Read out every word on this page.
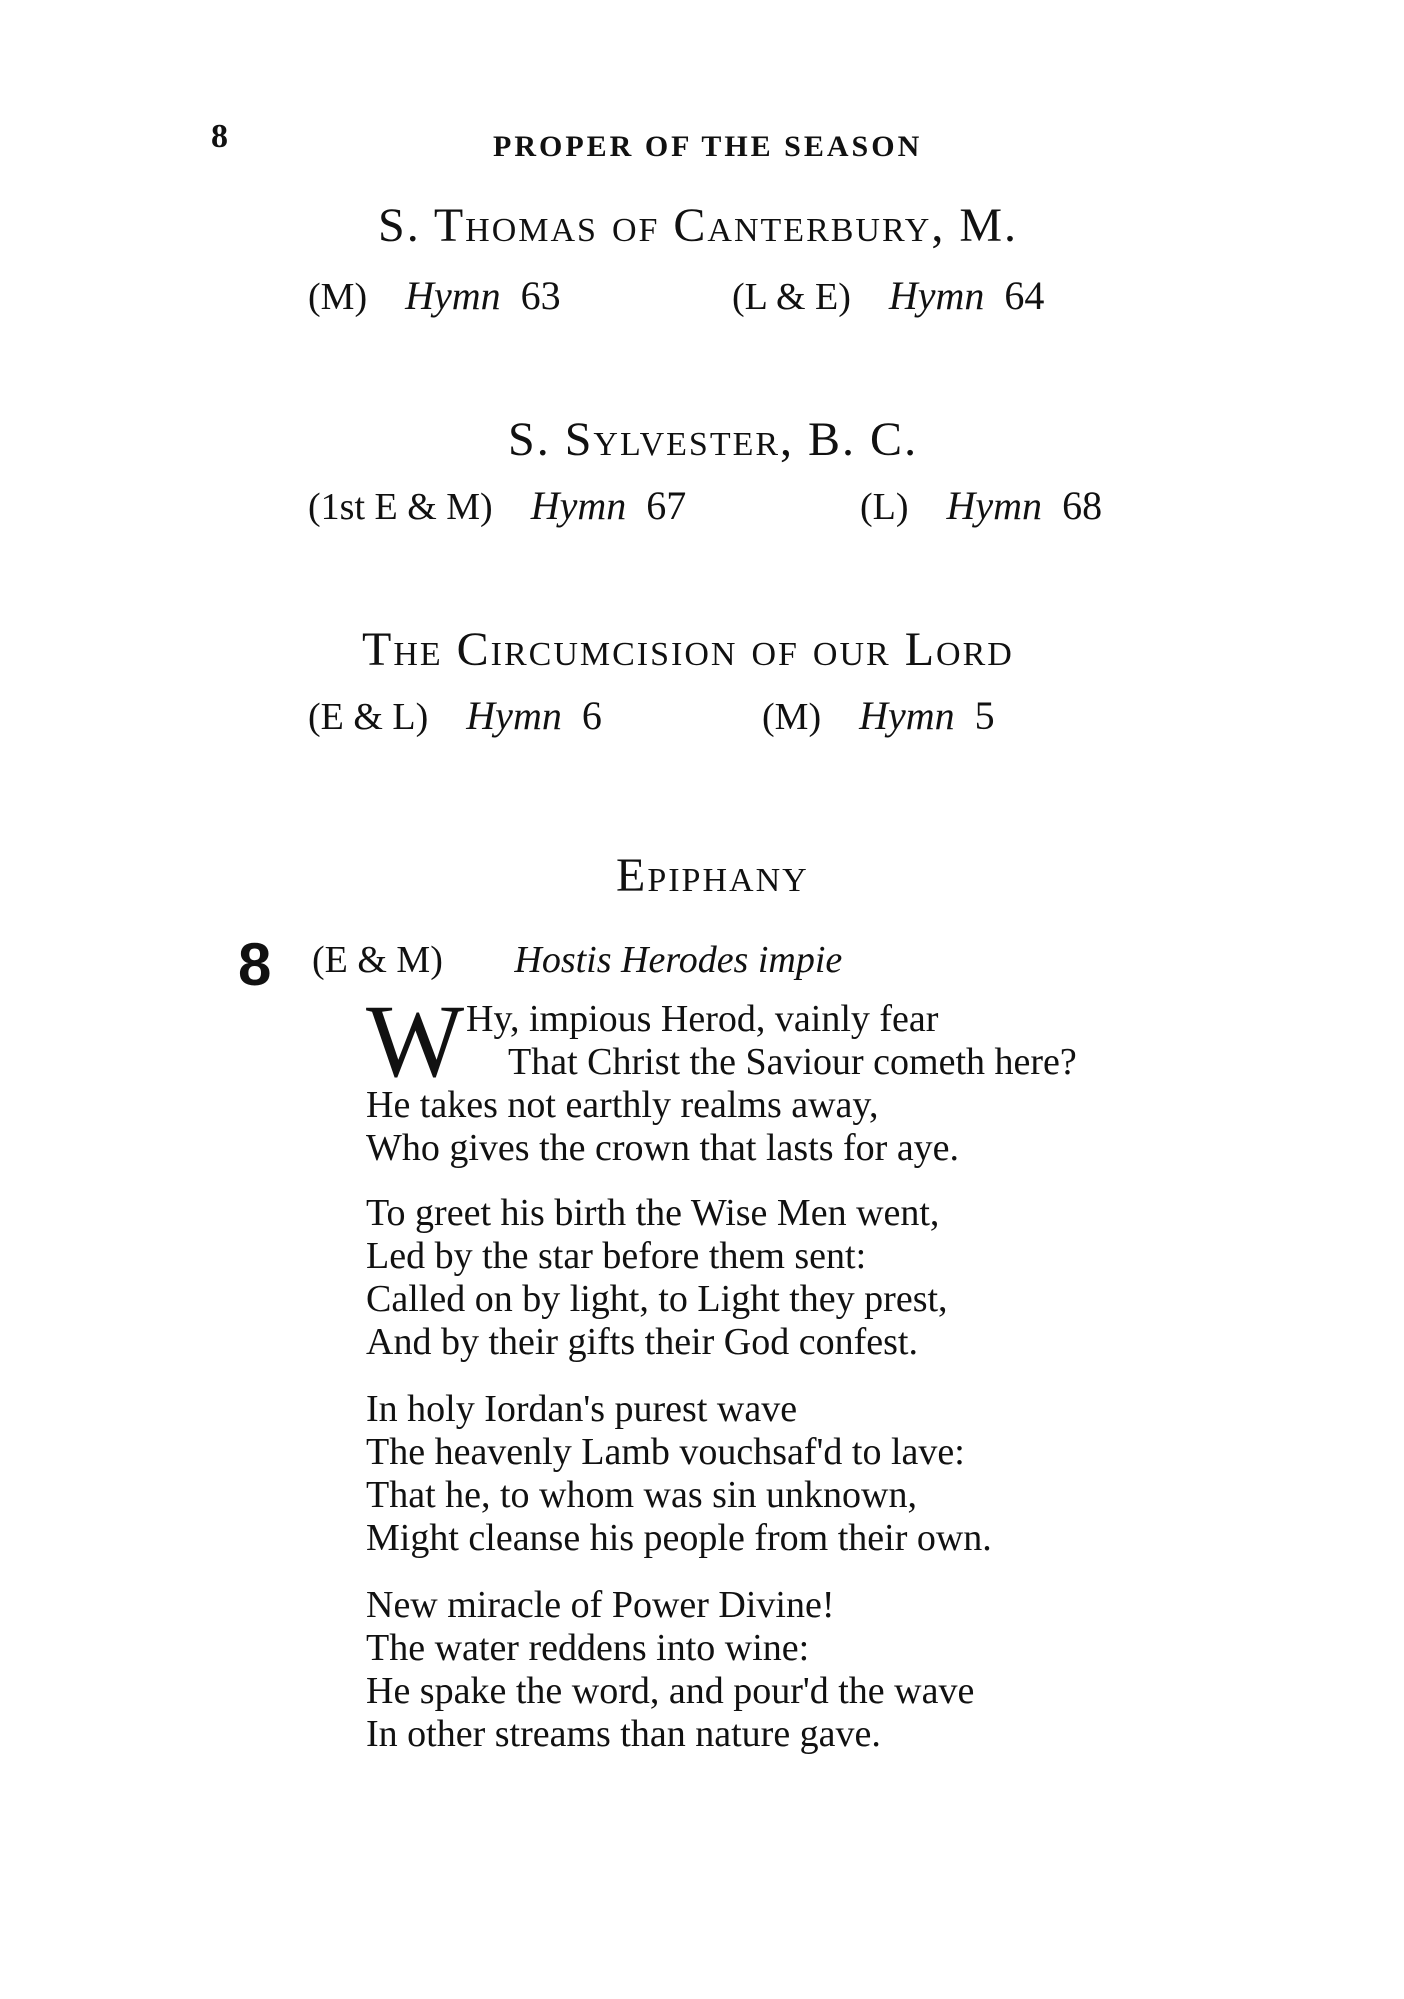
8	PROPER OF THE SEASON
S. Thomas of Canterbury, M.
(M) Hymn 63	(L & E) Hymn 64
S. Sylvester, B. C.
(1st E & M) Hymn 67	(L) Hymn 68
The Circumcision of our Lord
(E & L) Hymn 6	(M) Hymn 5
Epiphany
8 (E & M) Hostis Herodes impie
W Hy, impious Herod, vainly fear
That Christ the Saviour cometh here?
He takes not earthly realms away,
Who gives the crown that lasts for aye.
To greet his birth the Wise Men went,
Led by the star before them sent:
Called on by light, to Light they prest,
And by their gifts their God confest.
In holy Iordan's purest wave
The heavenly Lamb vouchsaf'd to lave:
That he, to whom was sin unknown,
Might cleanse his people from their own.
New miracle of Power Divine!
The water reddens into wine:
He spake the word, and pour'd the wave
In other streams than nature gave.
